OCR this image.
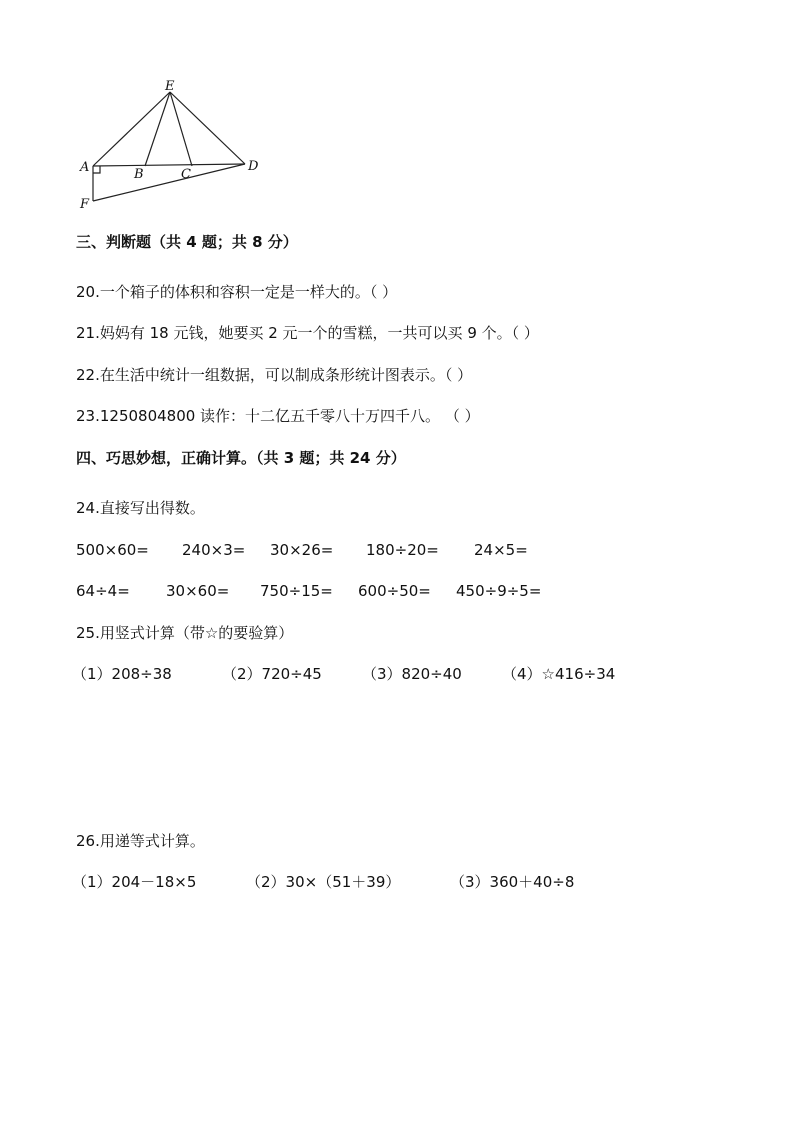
E
A	B	C
D
F
三、判断题（共 4 题；共 8 分）
20.一个箱子的体积和容积一定是一样大的。（ ）
21.妈妈有 18 元钱，她要买 2 元一个的雪糕，一共可以买 9 个。（ ）
22.在生活中统计一组数据，可以制成条形统计图表示。（ ）
23.1250804800 读作：十二亿五千零八十万四千八。 （ ）
四、巧思妙想，正确计算。（共 3 题；共 24 分）
24.直接写出得数。
500×60=	240×3=	30×26=	180÷20=	24×5=
64÷4=	30×60=	750÷15=	600÷50=	450÷9÷5=
25.用竖式计算（带☆的要验算）
（1）208÷38	（2）720÷45	（3）820÷40	（4）☆416÷34
26.用递等式计算。
（1）204－18×5	（2）30×（51＋39）	（3）360＋40÷8
